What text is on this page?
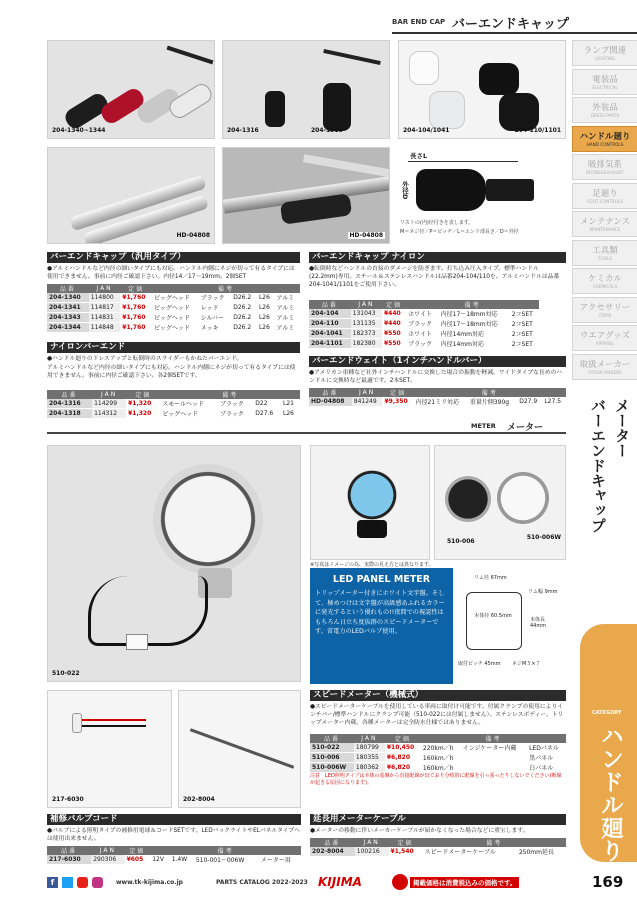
BAR END CAP バーエンドキャップ
204-1340~1344	204-1316	204-1318	204-104/1041	204-110/1101
HD-04808	HD-04808
長さL
外径D
リストの(内)径付きを表します。
M＝ネジ径／P＝ピッチ／L＝エンド部長さ／D＝外径
バーエンドキャップ（汎用タイプ）
●アルミハンドルなど内径の細いタイプにも対応。ハンドル内側にネジが切って有るタイプには使用できません。事前に内径ご確認下さい。内径14／17～19mm。2個SET
品番	JAN	定価	備考				
204-1340	114800	¥1,760	ビッグヘッド	ブラック	D26.2	L26	アルミ
204-1341	114817	¥1,760	ビッグヘッド	レッド	D26.2	L26	アルミ
204-1343	114831	¥1,760	ビッグヘッド	シルバー	D26.2	L26	アルミ
204-1344	114848	¥1,760	ビッグヘッド	メッキ	D26.2	L26	アルミ
ナイロンバーエンド
●ハンドル廻りのドレスアップと転倒時のスライダーもかねたバーエンド。
アルミハンドルなど内径の細いタイプにも対応。ハンドル内側にネジが切って有るタイプには使用できません。事前に内径ご確認下さい。各2個SETです。
品番	JAN	定価	備考			
204-1316	114299	¥1,320	スモールヘッド	ブラック	D22	L21
204-1318	114312	¥1,320	ビッグヘッド	ブラック	D27.6	L26
バーエンドキャップ ナイロン
●転倒時などハンドルの直接のダメージを防ぎます。打ち込み圧入タイプ。標準ハンドル(22.2mm)専用。スチール＆ステンレスハンドルは品番204-104/110を。アルミハンドルは品番204-1041/1101をご使用下さい。
品番	JAN	定価	備考		
204-104	131043	¥440	ホワイト	内径17～18mm対応	2コSET
204-110	131135	¥440	ブラック	内径17～18mm対応	2コSET
204-1041	182373	¥550	ホワイト	内径14mm対応	2コSET
204-1101	182380	¥550	ブラック	内径14mm対応	2コSET
バーエンドウェイト（1インチハンドルバー）
●アメリカン車種など社外インチハンドルに交換した場合の振動を軽減。ワイドタイプな長めのハンドルに交換時など最適です。2本SET。
品番	JAN	定価	備考			
HD-04808	841249	¥9,350	内径21ミリ対応	重量片側390g	D27.9	L27.5
METER メーター
510-022
510-006
510-006W
※写真はイメージの為、実際の見え方とは異なります。
LED PANEL METER
トリップメーター付きにホワイト文字盤。そして、極めつけは文字盤が高級感あふれるカラーに発光するという優れもの!!夜間での視認性はもちろん日立ち度抜群のスピードメーターです。省電力のLEDバルブ使用。
リム径 67mm
リム幅 9mm
本体径 60.5mm
本体長 44mm
取付ピッチ 45mm	ネジM５×７
スピードメーター（機械式）
●スピードメーターケーブルを使用している車両に取付け可能です。付属クランプの使用によりインチバー/標準ハンドルにクランプ可能（510-022には付属しません）。ステンレスボディー、トリップメーター内蔵。各種メーターは完全防水仕様ではありません。
品番	JAN	定価	備考		
510-022	180799	¥10,450	220km／h	インジケーター内蔵	LEDパネル
510-006	180355	¥6,820	160km／h		黒パネル
510-006W	180362	¥6,820	160km／h		白パネル
注意　LED照明タイプは本体の基盤から直接配線が出ており分岐的に配線を引っ張ったりしないでください(断線が起きる原因になります)。
217-6030	202-8004
補修バルブコード
●バルブによる照明タイプの補修用電球＆コードSETです。LEDバックライトやELパネルタイプへは使用出来ません。
品番	JAN	定価	備考			
217-6030	290306	¥605	12V	1.4W	510-001～006W	メーター用
延長用メーターケーブル
●メーターの移動に伴いメーカーケーブルが届かなくなった場合などに重宝します。
品番	JAN	定価	備考	
202-8004	100216	¥1,540	スピードメーターケーブル	250mm延長
ランプ関連
LIGHTING
電装品
ELECTRICAL
外装品
DRESS PARTS
ハンドル廻り
HAND CONTROLS
吸排気系
INTAKE&EXHAUST
足廻り
FOOT CONTROLS
メンテナンス
MAINTENANCE
工具類
TOOLS
ケミカル
CHEMICALS
アクセサリー
ITEMS
ウエアグッズ
APPAREL
取扱メーカー
OTHER MAKERS
メーター
バーエンドキャップ
CATEGORY
ハンドル廻り
f	www.tk-kijima.co.jp	PARTS CATALOG 2022-2023 KIJIMA	掲載価格は消費税込みの価格です。	169
